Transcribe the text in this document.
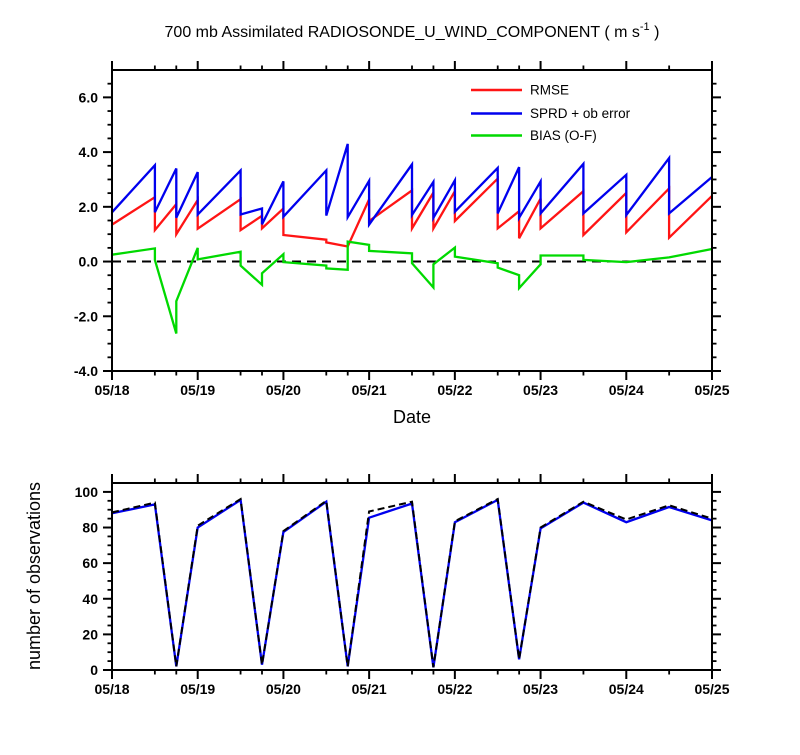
700 mb Assimilated RADIOSONDE_U_WIND_COMPONENT ( m $s^{-1}$ )
05/18	05/19	05/20	05/21	05/22	05/23	05/24	05/25
-4.0
-2.0
0.0
2.0
4.0
6.0
05/18	05/19	05/20	05/21	05/22	05/23	05/24	05/25
0
20
40
60
80
100
RMSE
SPRD + ob error
BIAS (O-F)
Date
number of observations
